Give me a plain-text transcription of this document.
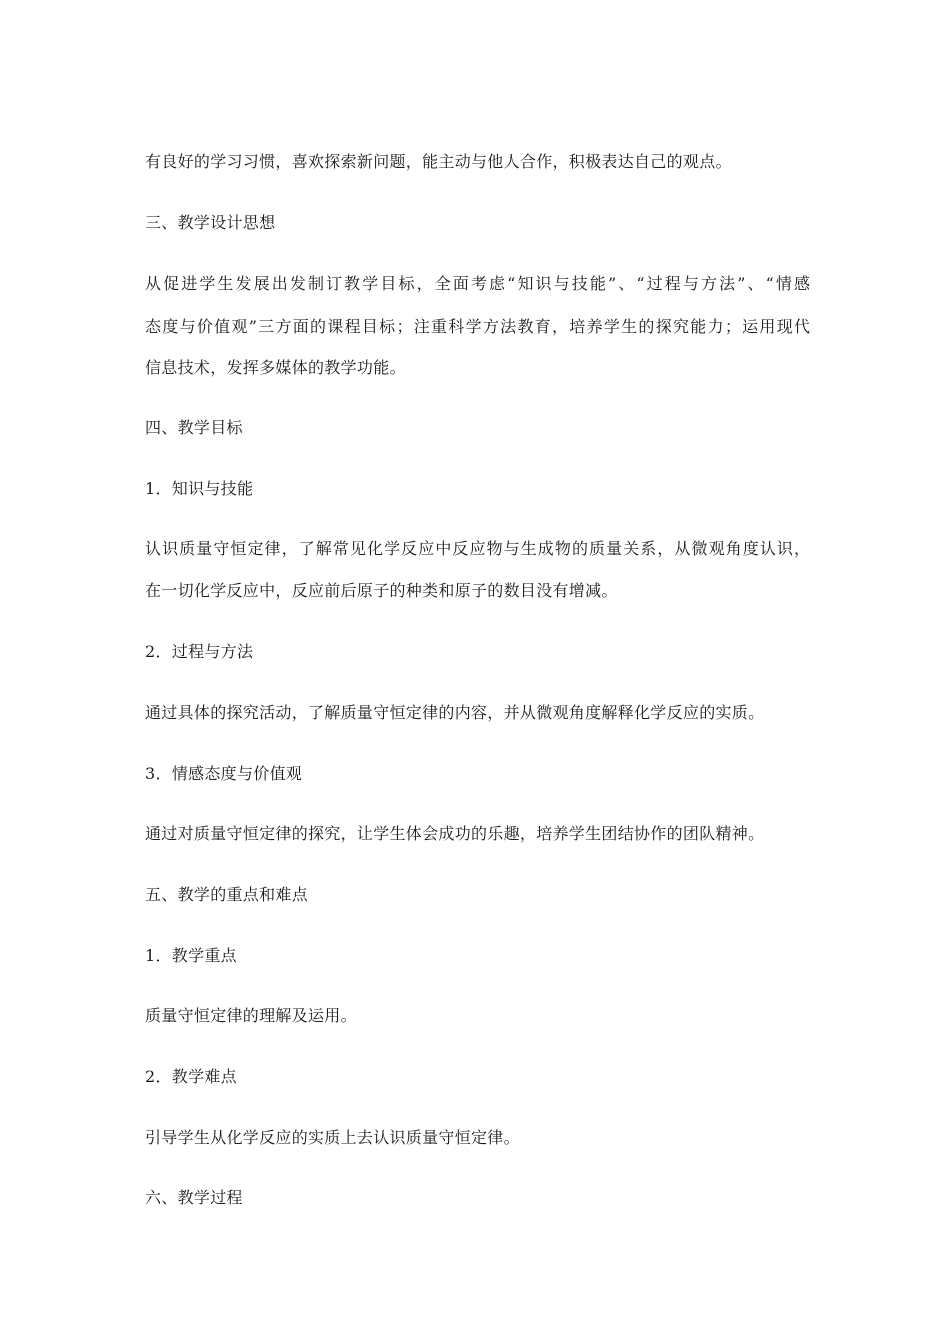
有良好的学习习惯，喜欢探索新问题，能主动与他人合作，积极表达自己的观点。
三、教学设计思想
从促进学生发展出发制订教学目标，全面考虑“知识与技能”、“过程与方法”、“情感
态度与价值观”三方面的课程目标；注重科学方法教育，培养学生的探究能力；运用现代
信息技术，发挥多媒体的教学功能。
四、教学目标
1．知识与技能
认识质量守恒定律，了解常见化学反应中反应物与生成物的质量关系，从微观角度认识，
在一切化学反应中，反应前后原子的种类和原子的数目没有增减。
2．过程与方法
通过具体的探究活动，了解质量守恒定律的内容，并从微观角度解释化学反应的实质。
3．情感态度与价值观
通过对质量守恒定律的探究，让学生体会成功的乐趣，培养学生团结协作的团队精神。
五、教学的重点和难点
1．教学重点
质量守恒定律的理解及运用。
2．教学难点
引导学生从化学反应的实质上去认识质量守恒定律。
六、教学过程
